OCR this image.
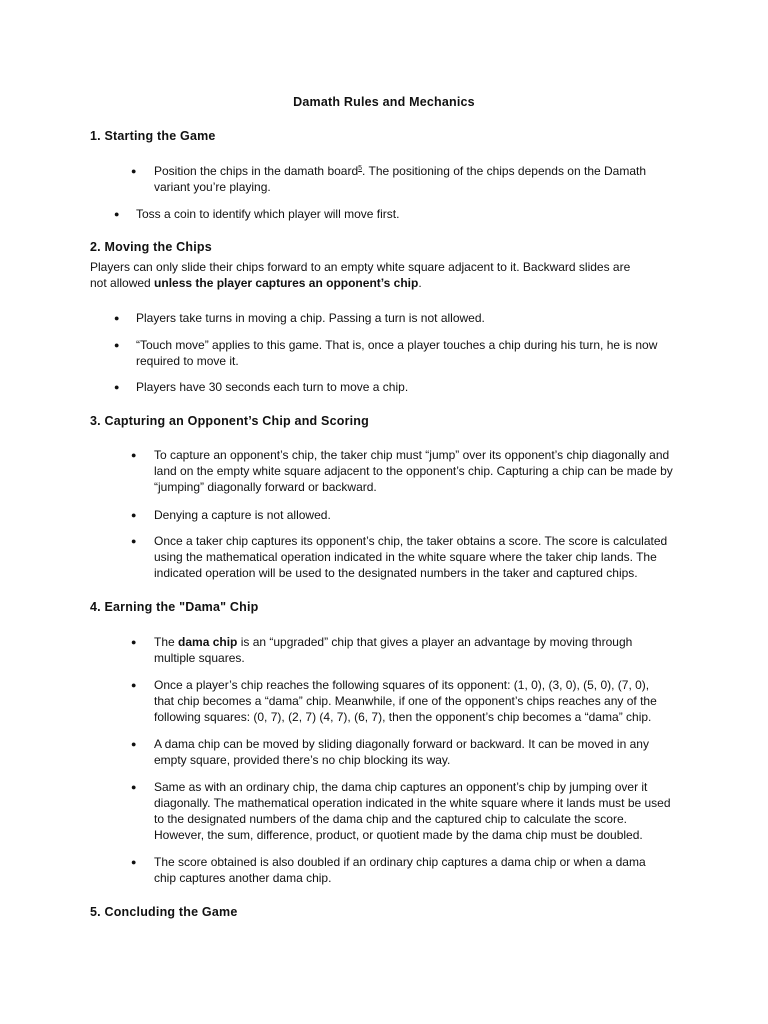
Damath Rules and Mechanics
1. Starting the Game
● Position the chips in the damath board$^5$. The positioning of the chips depends on the Damath variant you’re playing.
● Toss a coin to identify which player will move first.
2. Moving the Chips
Players can only slide their chips forward to an empty white square adjacent to it. Backward slides are not allowed unless the player captures an opponent’s chip.
● Players take turns in moving a chip. Passing a turn is not allowed.
● “Touch move” applies to this game. That is, once a player touches a chip during his turn, he is now required to move it.
● Players have 30 seconds each turn to move a chip.
3. Capturing an Opponent’s Chip and Scoring
● To capture an opponent’s chip, the taker chip must “jump” over its opponent’s chip diagonally and land on the empty white square adjacent to the opponent’s chip. Capturing a chip can be made by “jumping” diagonally forward or backward.
● Denying a capture is not allowed.
● Once a taker chip captures its opponent’s chip, the taker obtains a score. The score is calculated using the mathematical operation indicated in the white square where the taker chip lands. The indicated operation will be used to the designated numbers in the taker and captured chips.
4. Earning the "Dama" Chip
● The dama chip is an “upgraded” chip that gives a player an advantage by moving through multiple squares.
● Once a player’s chip reaches the following squares of its opponent: (1, 0), (3, 0), (5, 0), (7, 0), that chip becomes a “dama” chip. Meanwhile, if one of the opponent’s chips reaches any of the following squares: (0, 7), (2, 7) (4, 7), (6, 7), then the opponent’s chip becomes a “dama” chip.
● A dama chip can be moved by sliding diagonally forward or backward. It can be moved in any empty square, provided there’s no chip blocking its way.
● Same as with an ordinary chip, the dama chip captures an opponent’s chip by jumping over it diagonally. The mathematical operation indicated in the white square where it lands must be used to the designated numbers of the dama chip and the captured chip to calculate the score. However, the sum, difference, product, or quotient made by the dama chip must be doubled.
● The score obtained is also doubled if an ordinary chip captures a dama chip or when a dama chip captures another dama chip.
5. Concluding the Game
